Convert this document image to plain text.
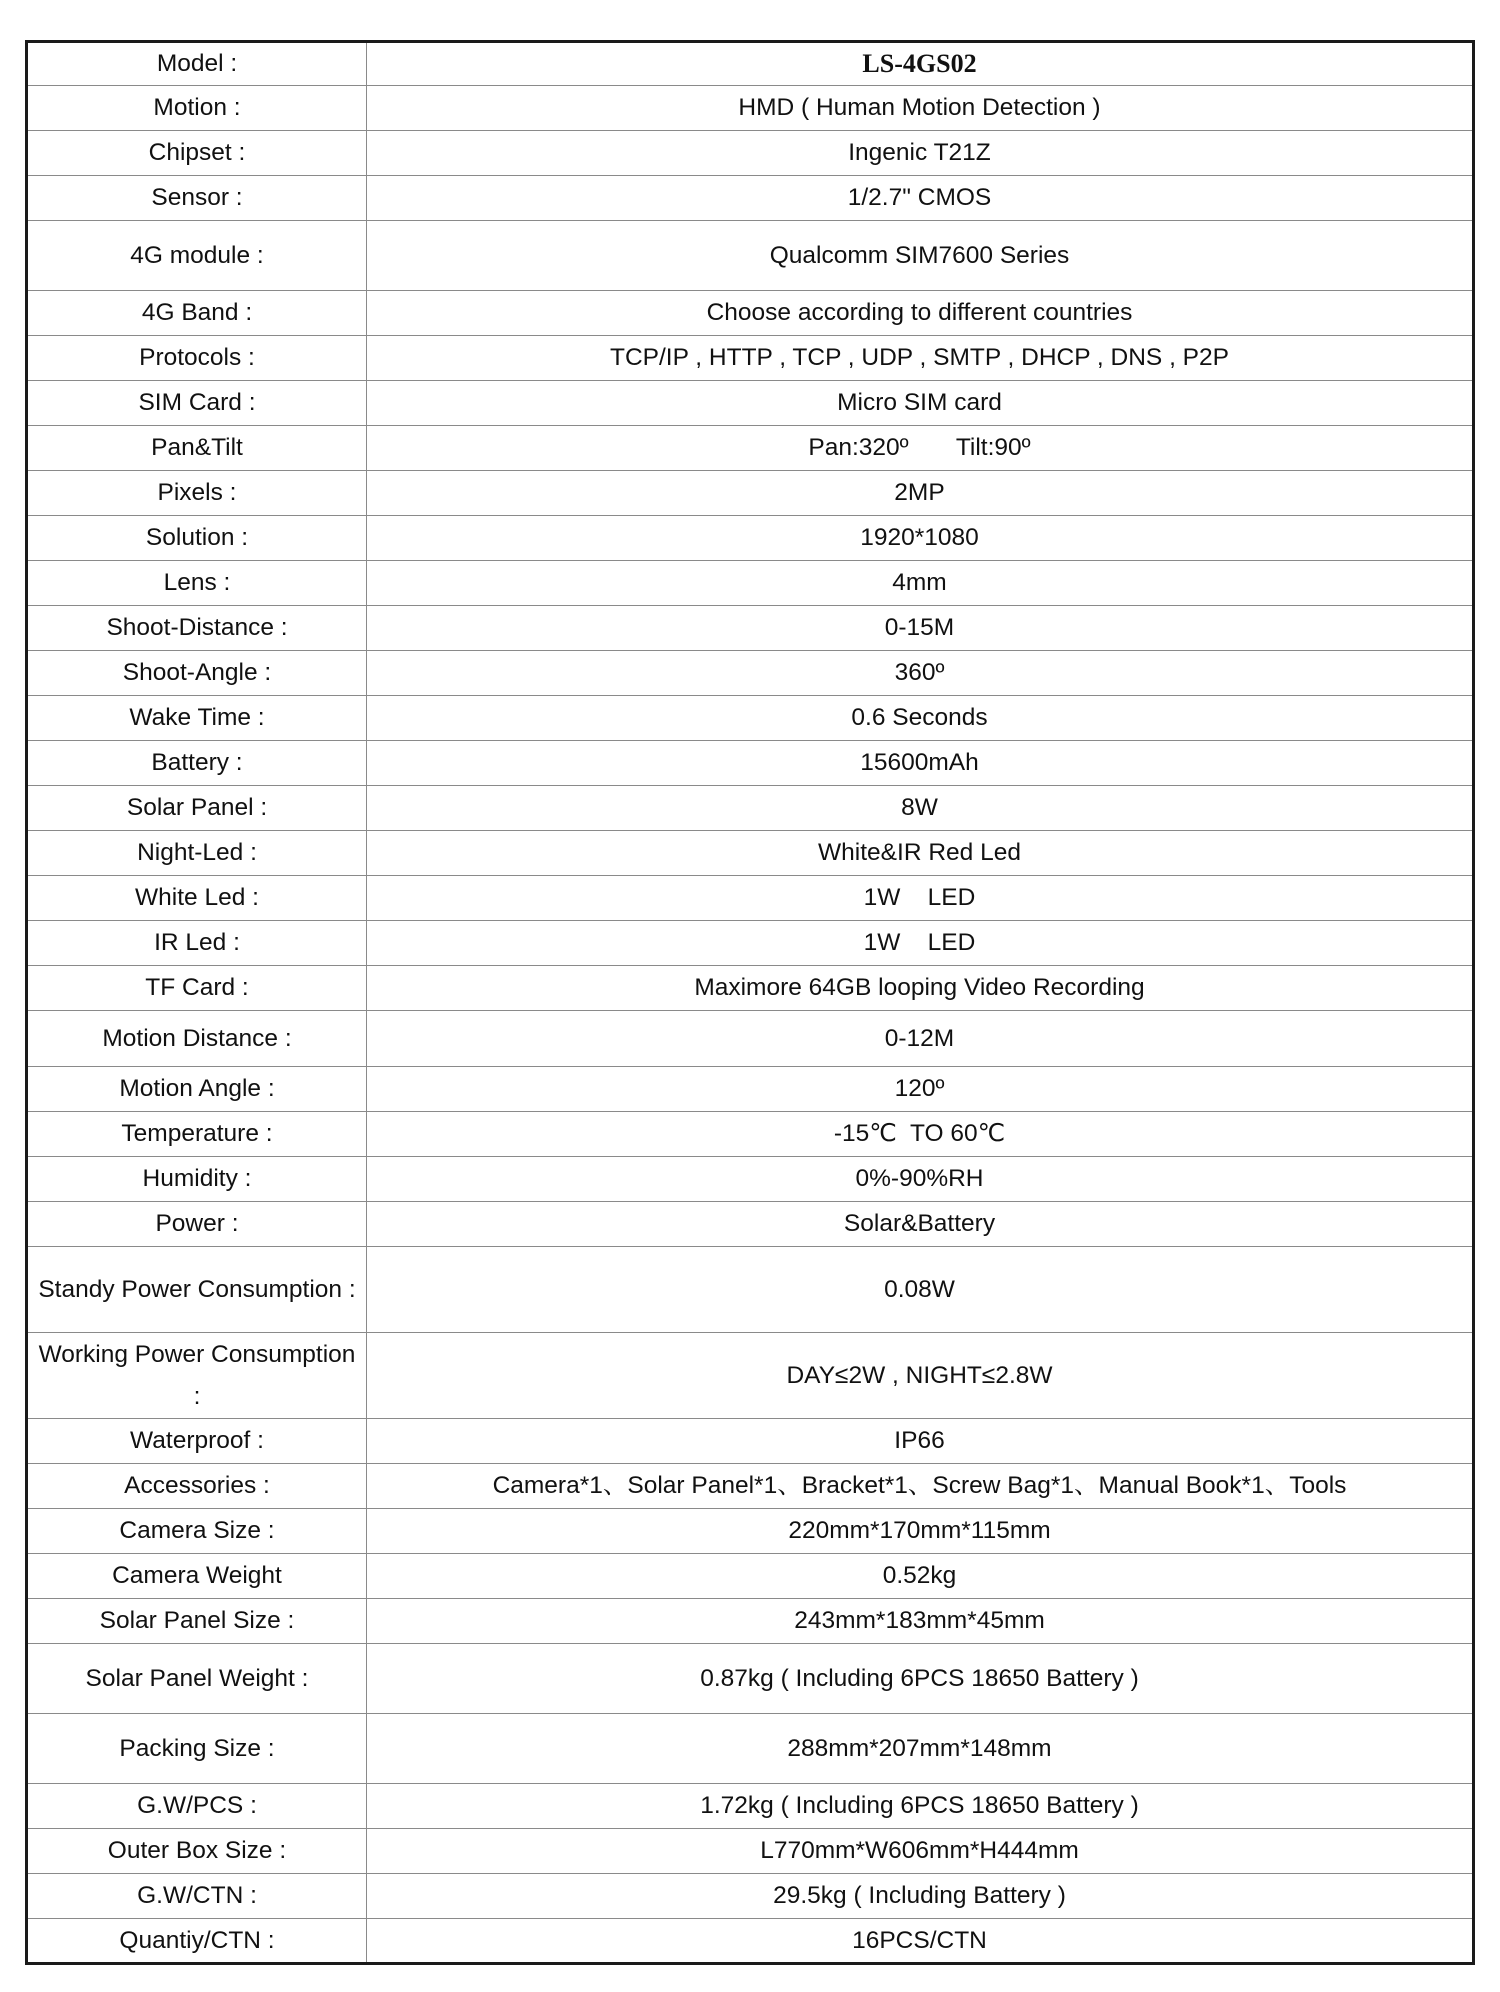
Model :	LS-4GS02
Motion :	HMD ( Human Motion Detection )
Chipset :	Ingenic T21Z
Sensor :	1/2.7" CMOS
4G module :	Qualcomm SIM7600 Series
4G Band :	Choose according to different countries
Protocols :	TCP/IP , HTTP , TCP , UDP , SMTP , DHCP , DNS , P2P
SIM Card :	Micro SIM card
Pan&Tilt	Pan:320º       Tilt:90º
Pixels :	2MP
Solution :	1920*1080
Lens :	4mm
Shoot-Distance :	0-15M
Shoot-Angle :	360º
Wake Time :	0.6 Seconds
Battery :	15600mAh
Solar Panel :	8W
Night-Led :	White&IR Red Led
White Led :	1W    LED
IR Led :	1W    LED
TF Card :	Maximore 64GB looping Video Recording
Motion Distance :	0-12M
Motion Angle :	120º
Temperature :	-15℃  TO 60℃
Humidity :	0%-90%RH
Power :	Solar&Battery
Standy Power Consumption :	0.08W
Working Power Consumption :	DAY≤2W , NIGHT≤2.8W
Waterproof :	IP66
Accessories :	Camera*1、Solar Panel*1、Bracket*1、Screw Bag*1、Manual Book*1、Tools
Camera Size :	220mm*170mm*115mm
Camera Weight	0.52kg
Solar Panel Size :	243mm*183mm*45mm
Solar Panel Weight :	0.87kg ( Including 6PCS 18650 Battery )
Packing Size :	288mm*207mm*148mm
G.W/PCS :	1.72kg ( Including 6PCS 18650 Battery )
Outer Box Size :	L770mm*W606mm*H444mm
G.W/CTN :	29.5kg ( Including Battery )
Quantiy/CTN :	16PCS/CTN
